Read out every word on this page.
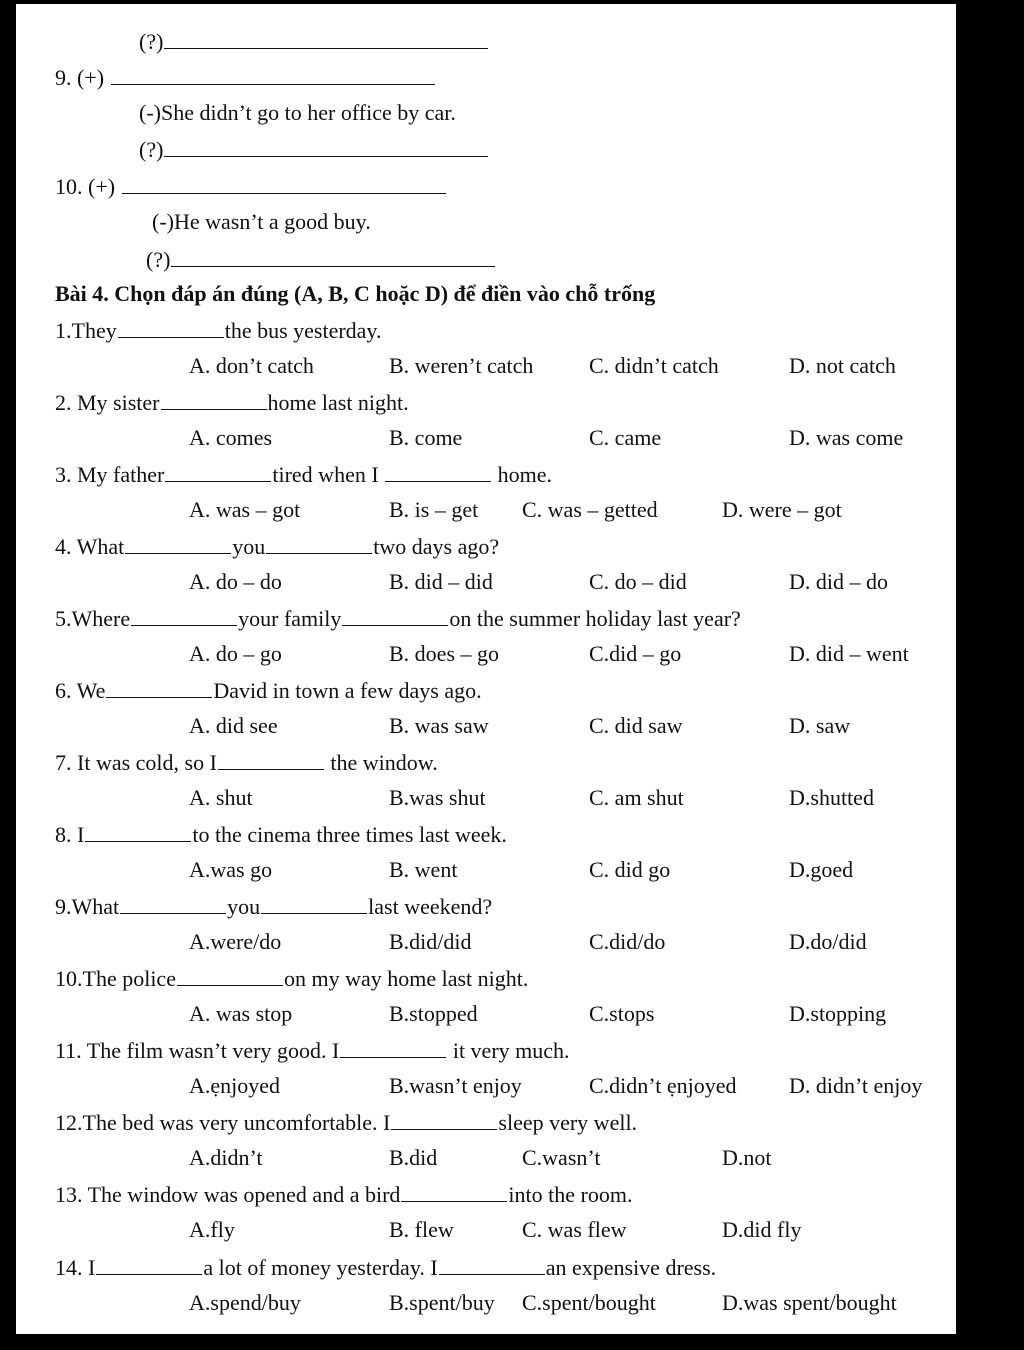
(?)
9. (+)
(-)She didn’t go to her office by car.
(?)
10. (+)
(-)He wasn’t a good buy.
(?)
Bài 4. Chọn đáp án đúng (A, B, C hoặc D) để điền vào chỗ trống
1.They	the bus yesterday.
A. don’t catch	B. weren’t catch	C. didn’t catch	D. not catch
2. My sister	home last night.
A. comes	B. come	C. came	D. was come
3. My father	tired when I	home.
A. was – got	B. is – get C. was – getted	D. were – got
4. What	you	two days ago?
A. do – do	B. did – did	C. do – did	D. did – do
5.Where	your family	on the summer holiday last year?
A. do – go	B. does – go	C.did – go	D. did – went
6. We	David in town a few days ago.
A. did see	B. was saw	C. did saw	D. saw
7. It was cold, so I	the window.
A. shut	B.was shut	C. am shut	D.shutted
8. I	to the cinema three times last week.
A.was go	B. went	C. did go	D.goed
9.What	you	last weekend?
A.were/do	B.did/did	C.did/do	D.do/did
10.The police	on my way home last night.
A. was stop	B.stopped	C.stops	D.stopping
11. The film wasn’t very good. I	it very much.
A.ẹnjoyed	B.wasn’t enjoy	C.didn’t ẹnjoyed D. didn’t enjoy
12.The bed was very uncomfortable. I	sleep very well.
A.didn’t	B.did	C.wasn’t	D.not
13. The window was opened and a bird	into the room.
A.fly	B. flew	C. was flew	D.did fly
14. I	a lot of money yesterday. I	an expensive dress.
A.spend/buy	B.spent/buy C.spent/bought	D.was spent/bought
